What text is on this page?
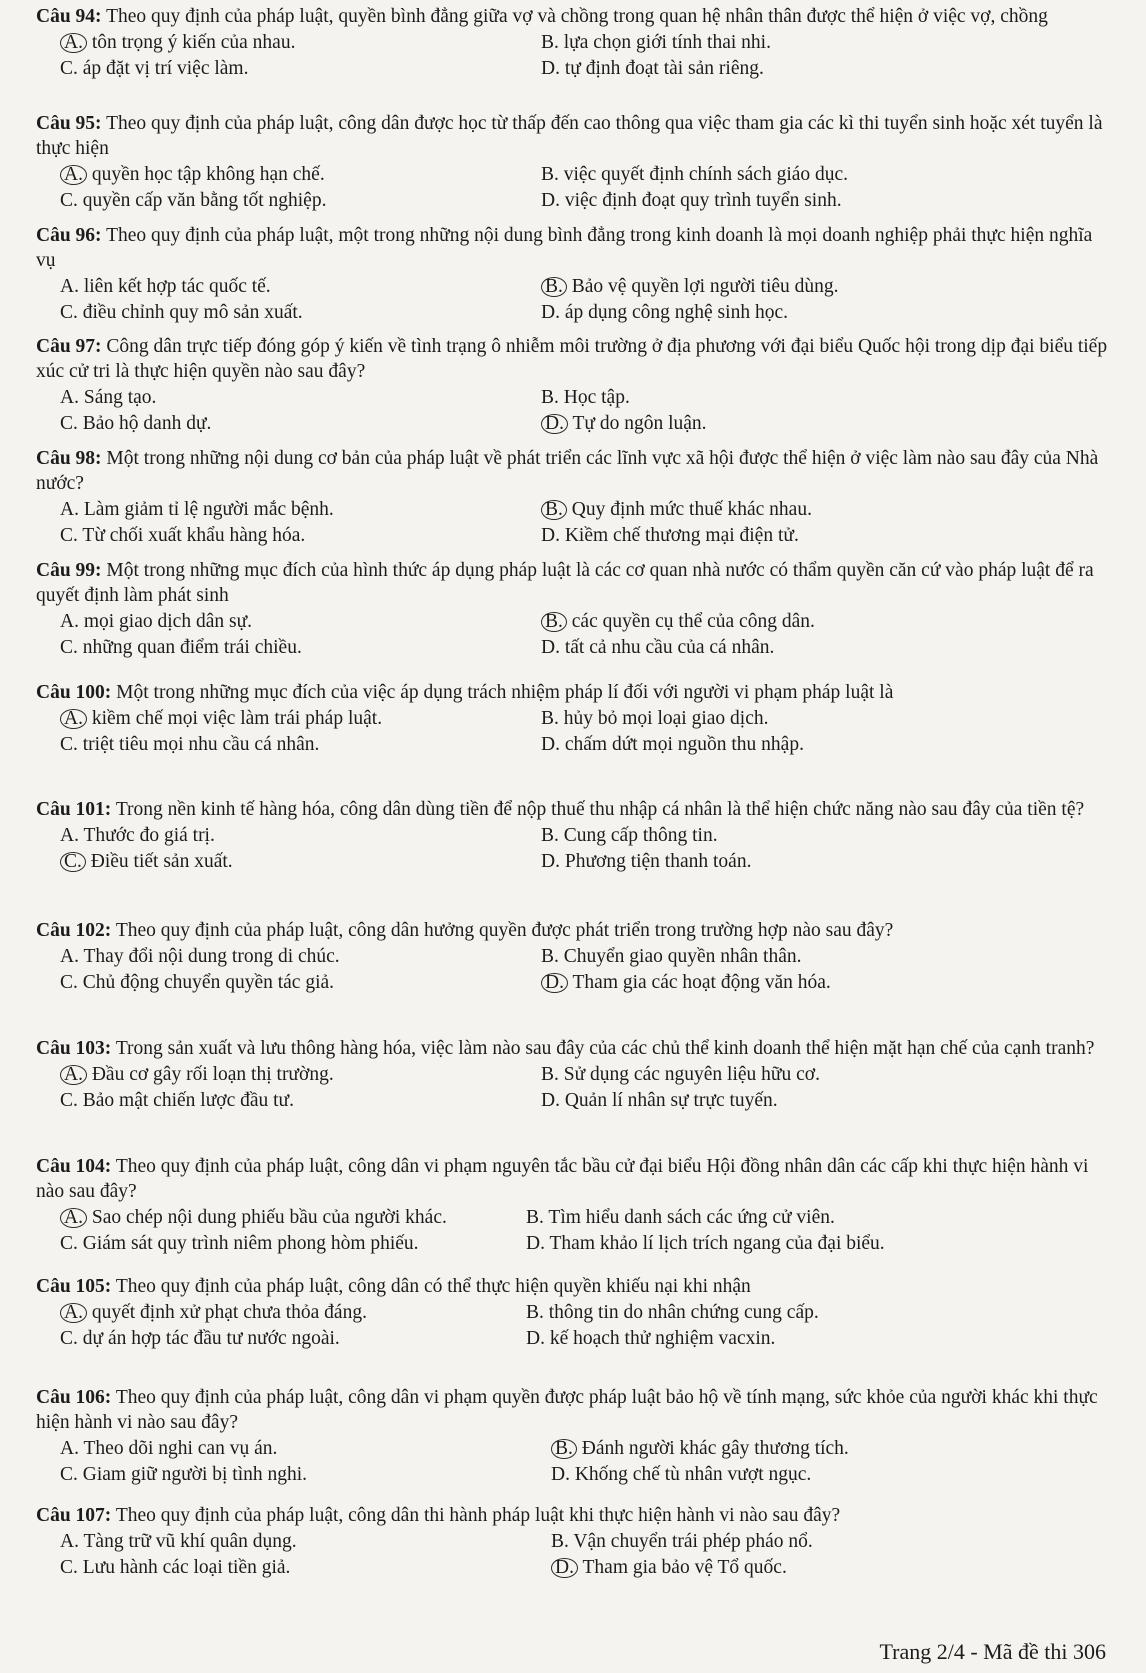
Câu 94: Theo quy định của pháp luật, quyền bình đẳng giữa vợ và chồng trong quan hệ nhân thân được thể hiện ở việc vợ, chồng

A. tôn trọng ý kiến của nhau.	B. lựa chọn giới tính thai nhi.
C. áp đặt vị trí việc làm.	D. tự định đoạt tài sản riêng.

Câu 95: Theo quy định của pháp luật, công dân được học từ thấp đến cao thông qua việc tham gia các kì thi tuyển sinh hoặc xét tuyển là thực hiện

A. quyền học tập không hạn chế.	B. việc quyết định chính sách giáo dục.
C. quyền cấp văn bằng tốt nghiệp.	D. việc định đoạt quy trình tuyển sinh.

Câu 96: Theo quy định của pháp luật, một trong những nội dung bình đẳng trong kinh doanh là mọi doanh nghiệp phải thực hiện nghĩa vụ

A. liên kết hợp tác quốc tế.	B. Bảo vệ quyền lợi người tiêu dùng.
C. điều chỉnh quy mô sản xuất.	D. áp dụng công nghệ sinh học.

Câu 97: Công dân trực tiếp đóng góp ý kiến về tình trạng ô nhiễm môi trường ở địa phương với đại biểu Quốc hội trong dịp đại biểu tiếp xúc cử tri là thực hiện quyền nào sau đây?

A. Sáng tạo.	B. Học tập.
C. Bảo hộ danh dự.	D. Tự do ngôn luận.

Câu 98: Một trong những nội dung cơ bản của pháp luật về phát triển các lĩnh vực xã hội được thể hiện ở việc làm nào sau đây của Nhà nước?

A. Làm giảm tỉ lệ người mắc bệnh.	B. Quy định mức thuế khác nhau.
C. Từ chối xuất khẩu hàng hóa.	D. Kiềm chế thương mại điện tử.

Câu 99: Một trong những mục đích của hình thức áp dụng pháp luật là các cơ quan nhà nước có thẩm quyền căn cứ vào pháp luật để ra quyết định làm phát sinh

A. mọi giao dịch dân sự.	B. các quyền cụ thể của công dân.
C. những quan điểm trái chiều.	D. tất cả nhu cầu của cá nhân.

Câu 100: Một trong những mục đích của việc áp dụng trách nhiệm pháp lí đối với người vi phạm pháp luật là

A. kiềm chế mọi việc làm trái pháp luật.	B. hủy bỏ mọi loại giao dịch.
C. triệt tiêu mọi nhu cầu cá nhân.	D. chấm dứt mọi nguồn thu nhập.

Câu 101: Trong nền kinh tế hàng hóa, công dân dùng tiền để nộp thuế thu nhập cá nhân là thể hiện chức năng nào sau đây của tiền tệ?

A. Thước đo giá trị.	B. Cung cấp thông tin.
C. Điều tiết sản xuất.	D. Phương tiện thanh toán.

Câu 102: Theo quy định của pháp luật, công dân hưởng quyền được phát triển trong trường hợp nào sau đây?

A. Thay đổi nội dung trong di chúc.	B. Chuyển giao quyền nhân thân.
C. Chủ động chuyển quyền tác giả.	D. Tham gia các hoạt động văn hóa.

Câu 103: Trong sản xuất và lưu thông hàng hóa, việc làm nào sau đây của các chủ thể kinh doanh thể hiện mặt hạn chế của cạnh tranh?

A. Đầu cơ gây rối loạn thị trường.	B. Sử dụng các nguyên liệu hữu cơ.
C. Bảo mật chiến lược đầu tư.	D. Quản lí nhân sự trực tuyến.

Câu 104: Theo quy định của pháp luật, công dân vi phạm nguyên tắc bầu cử đại biểu Hội đồng nhân dân các cấp khi thực hiện hành vi nào sau đây?

A. Sao chép nội dung phiếu bầu của người khác.	B. Tìm hiểu danh sách các ứng cử viên.
C. Giám sát quy trình niêm phong hòm phiếu.	D. Tham khảo lí lịch trích ngang của đại biểu.

Câu 105: Theo quy định của pháp luật, công dân có thể thực hiện quyền khiếu nại khi nhận

A. quyết định xử phạt chưa thỏa đáng.	B. thông tin do nhân chứng cung cấp.
C. dự án hợp tác đầu tư nước ngoài.	D. kế hoạch thử nghiệm vacxin.

Câu 106: Theo quy định của pháp luật, công dân vi phạm quyền được pháp luật bảo hộ về tính mạng, sức khỏe của người khác khi thực hiện hành vi nào sau đây?

A. Theo dõi nghi can vụ án.	B. Đánh người khác gây thương tích.
C. Giam giữ người bị tình nghi.	D. Khống chế tù nhân vượt ngục.

Câu 107: Theo quy định của pháp luật, công dân thi hành pháp luật khi thực hiện hành vi nào sau đây?

A. Tàng trữ vũ khí quân dụng.	B. Vận chuyển trái phép pháo nổ.
C. Lưu hành các loại tiền giả.	D. Tham gia bảo vệ Tổ quốc.
Trang 2/4 - Mã đề thi 306
